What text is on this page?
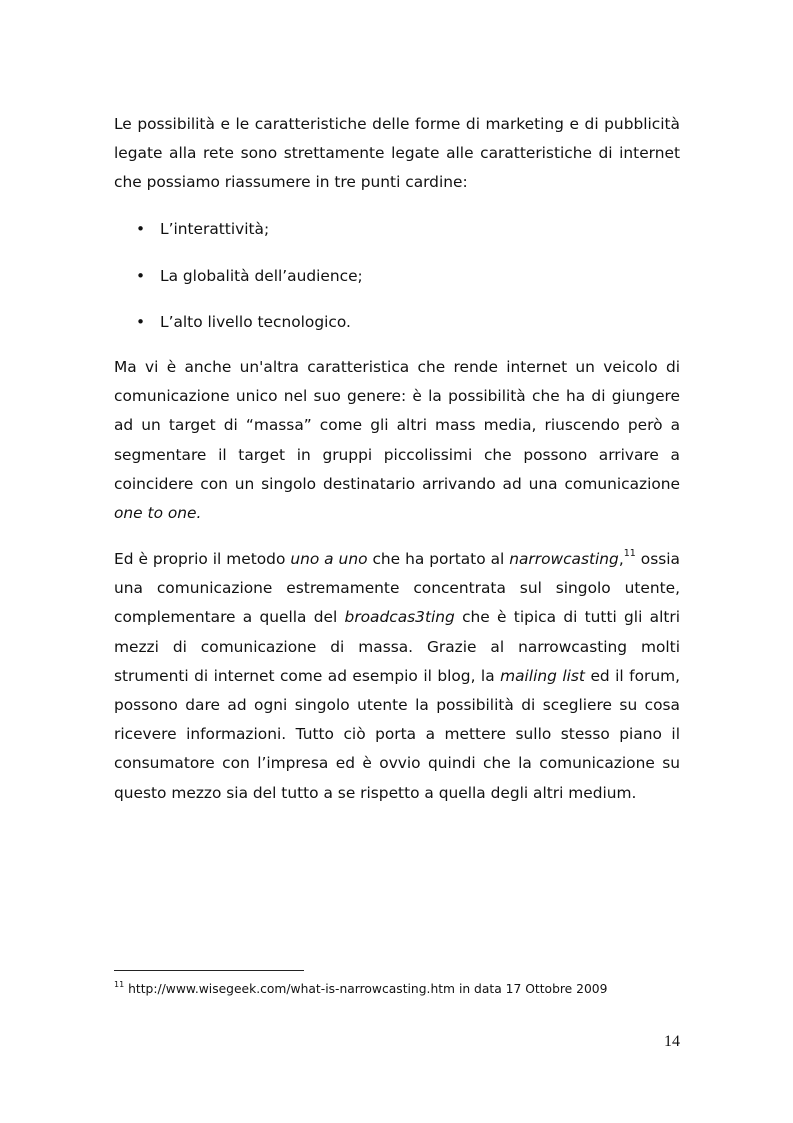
Le possibilità e le caratteristiche delle forme di marketing e di pubblicità legate alla rete sono strettamente legate alle caratteristiche di internet che possiamo riassumere in tre punti cardine:

• L’interattività;
• La globalità dell’audience;
• L’alto livello tecnologico.

Ma vi è anche un'altra caratteristica che rende internet un veicolo di comunicazione unico nel suo genere: è la possibilità che ha di giungere ad un target di “massa” come gli altri mass media, riuscendo però a segmentare il target in gruppi piccolissimi che possono arrivare a coincidere con un singolo destinatario arrivando ad una comunicazione one to one.

Ed è proprio il metodo uno a uno che ha portato al narrowcasting,$^{11}$ ossia una comunicazione estremamente concentrata sul singolo utente, complementare a quella del broadcas3ting che è tipica di tutti gli altri mezzi di comunicazione di massa. Grazie al narrowcasting molti strumenti di internet come ad esempio il blog, la mailing list ed il forum, possono dare ad ogni singolo utente la possibilità di scegliere su cosa ricevere informazioni. Tutto ciò porta a mettere sullo stesso piano il consumatore con l’impresa ed è ovvio quindi che la comunicazione su questo mezzo sia del tutto a se rispetto a quella degli altri medium.

$^{11}$ http://www.wisegeek.com/what-is-narrowcasting.htm in data 17 Ottobre 2009
14
